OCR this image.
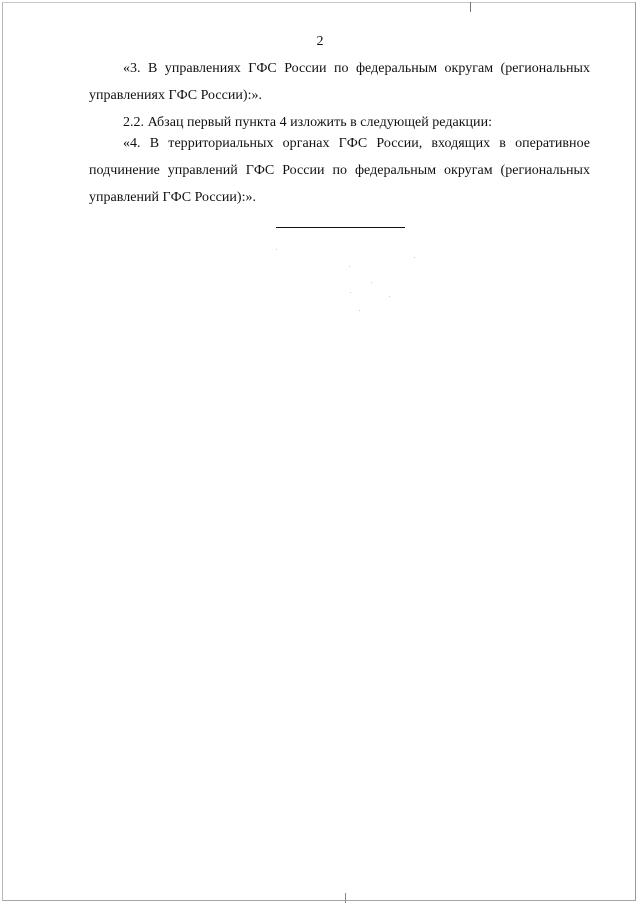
2

«3. В управлениях ГФС России по федеральным округам (региональных управлениях ГФС России):».

2.2. Абзац первый пункта 4 изложить в следующей редакции:

«4. В территориальных органах ГФС России, входящих в оперативное подчинение управлений ГФС России по федеральным округам (региональных управлений ГФС России):».
